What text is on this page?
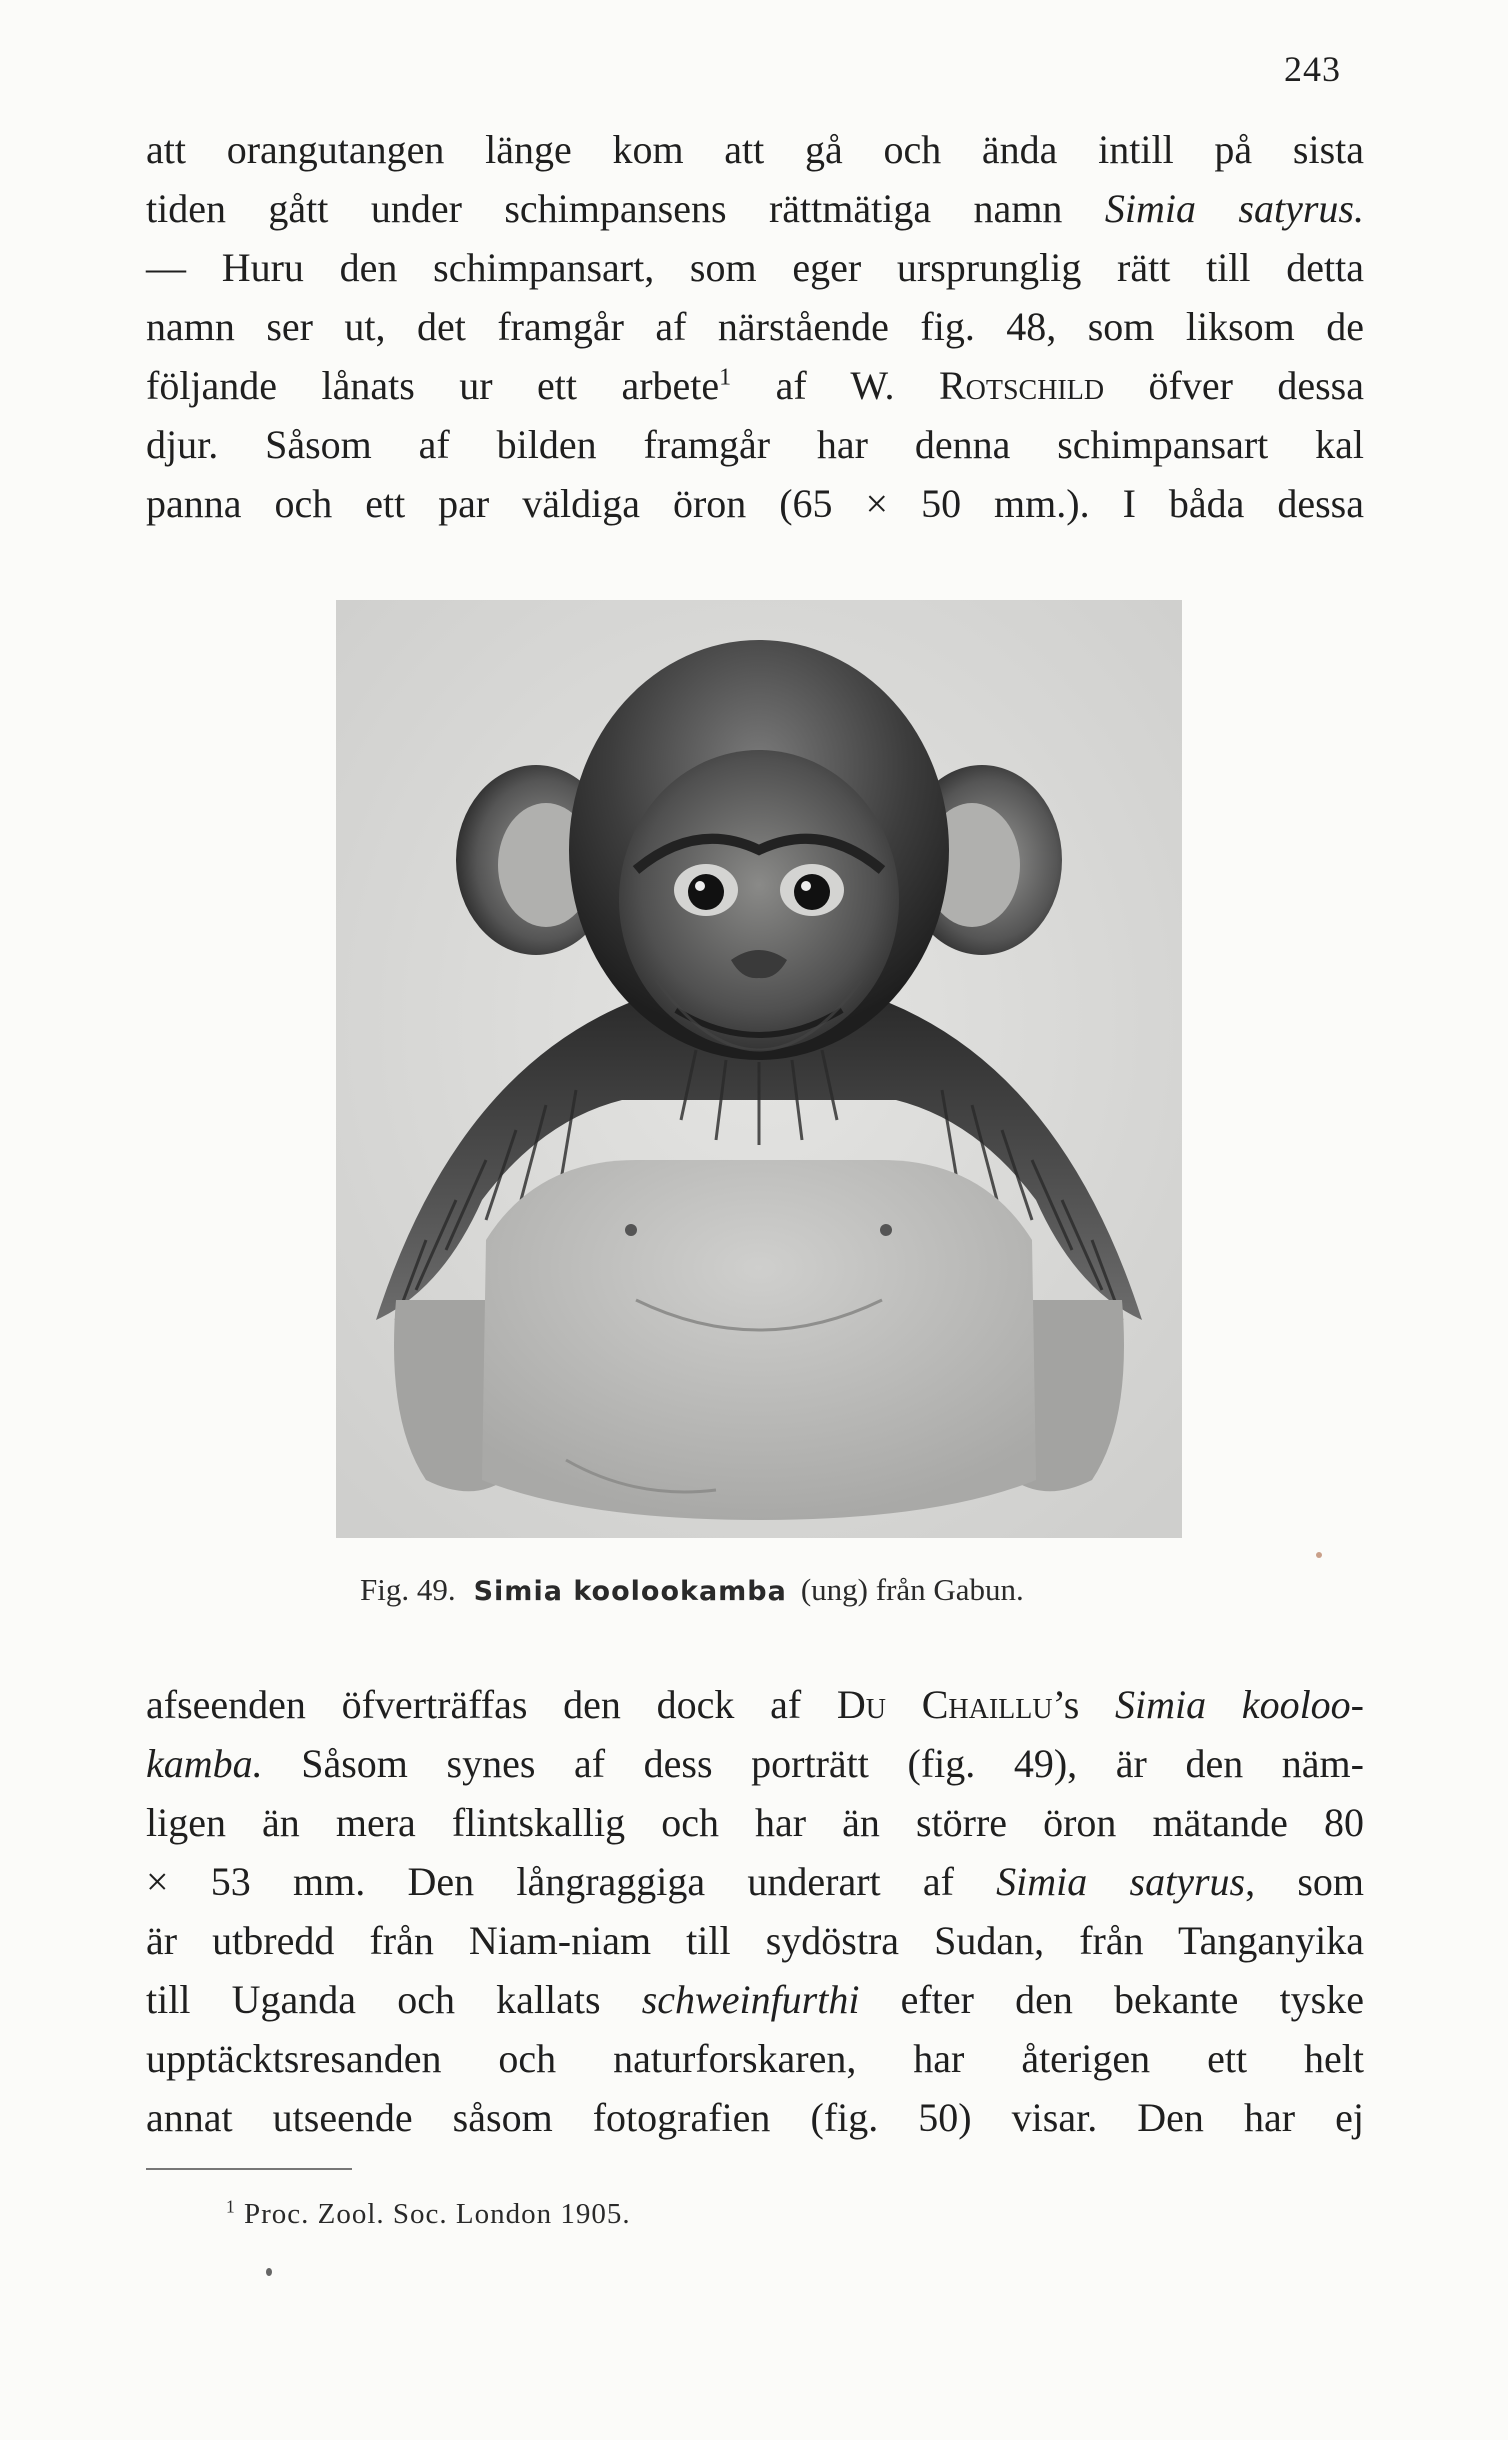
243
att orangutangen länge kom att gå och ända intill på sista
tiden gått under schimpansens rättmätiga namn Simia satyrus.
— Huru den schimpansart, som eger ursprunglig rätt till detta
namn ser ut, det framgår af närstående fig. 48, som liksom de
följande lånats ur ett arbete$^1$ af W. Rotschild öfver dessa
djur. Såsom af bilden framgår har denna schimpansart kal
panna och ett par väldiga öron (65 × 50 mm.). I båda dessa
Fig. 49. Simia koolookamba (ung) från Gabun.
afseenden öfverträffas den dock af Du Chaillu’s Simia kooloo-
kamba. Såsom synes af dess porträtt (fig. 49), är den näm-
ligen än mera flintskallig och har än större öron mätande 80
× 53 mm. Den långraggiga underart af Simia satyrus, som
är utbredd från Niam-niam till sydöstra Sudan, från Tanganyika
till Uganda och kallats schweinfurthi efter den bekante tyske
upptäcktsresanden och naturforskaren, har återigen ett helt
annat utseende såsom fotografien (fig. 50) visar. Den har ej
$^1$ Proc. Zool. Soc. London 1905.
